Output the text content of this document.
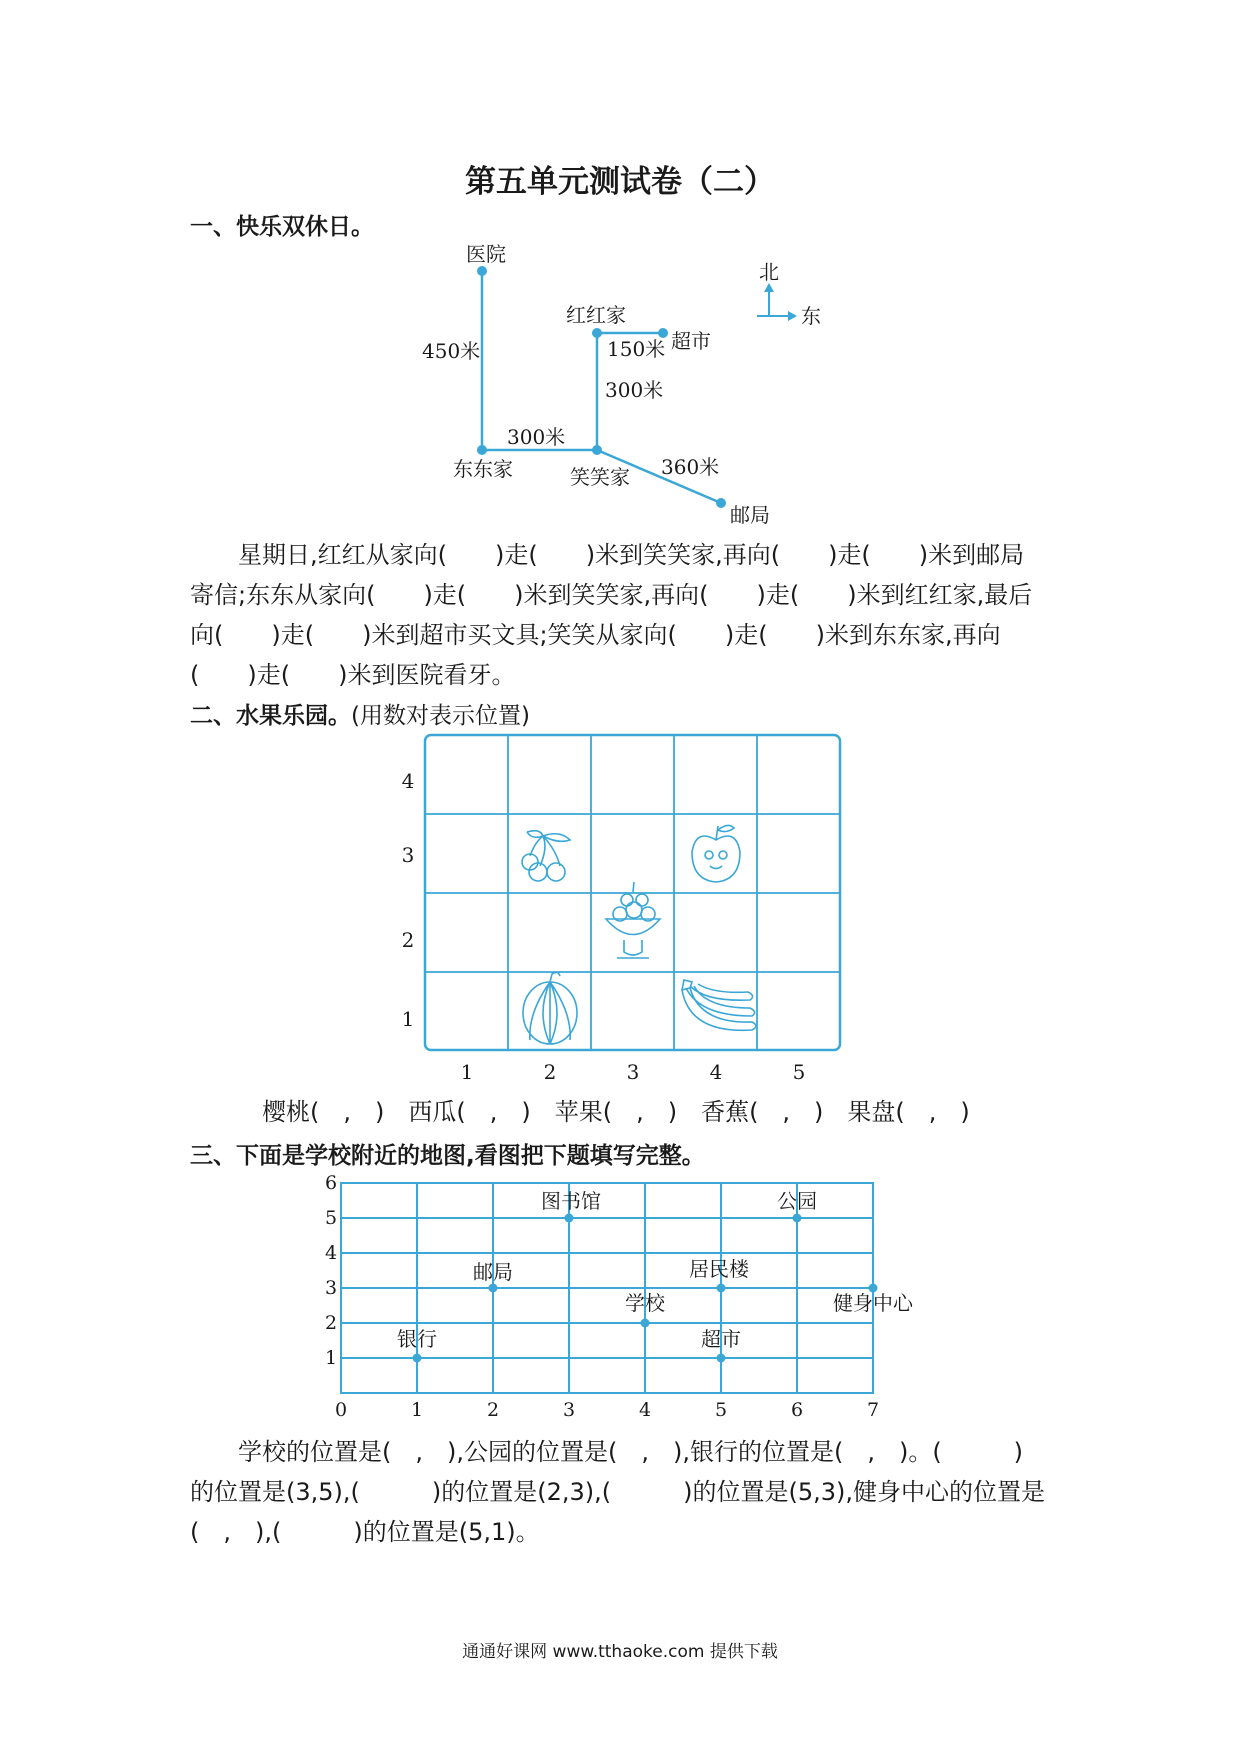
第五单元测试卷（二）
一、快乐双休日。
医院
红红家
超市
东东家	笑笑家
邮局
450米
300米
300米
150米
360米
北
东

星期日,红红从家向(　　)走(　　)米到笑笑家,再向(　　)走(　　)米到邮局

寄信;东东从家向(　　)走(　　)米到笑笑家,再向(　　)走(　　)米到红红家,最后

向(　　)走(　　)米到超市买文具;笑笑从家向(　　)走(　　)米到东东家,再向

(　　)走(　　)米到医院看牙。

二、水果乐园。(用数对表示位置)
1	2	3	4	5
1
2
3
4
樱桃(　,　)　西瓜(　,　)　苹果(　,　)　香蕉(　,　)　果盘(　,　)
三、下面是学校附近的地图,看图把下题填写完整。
0	1	2	3	4	5	6	7
1
2
3
4
5
6
图书馆	公园
邮局	居民楼
学校	健身中心
银行	超市

学校的位置是(　,　),公园的位置是(　,　),银行的位置是(　,　)。(　　　)

的位置是(3,5),(　　　)的位置是(2,3),(　　　)的位置是(5,3),健身中心的位置是

(　,　),(　　　)的位置是(5,1)。

通通好课网 www.tthaoke.com 提供下载
